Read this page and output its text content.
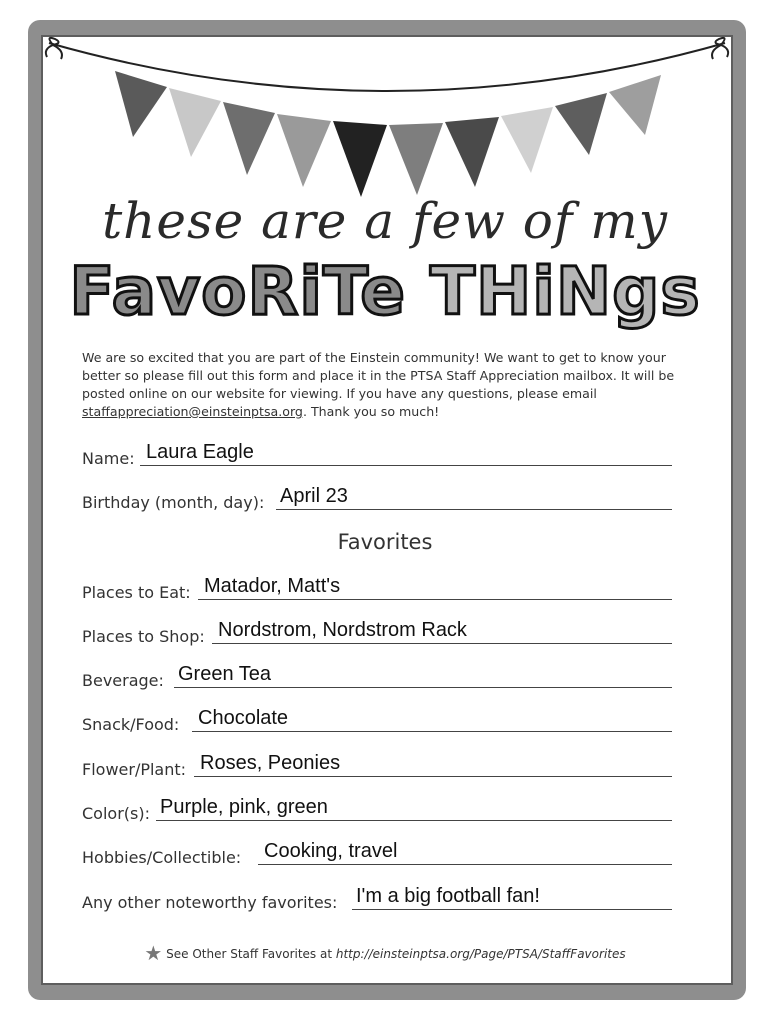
these are a few of my
FavoRiTe THiNgs
We are so excited that you are part of the Einstein community! We want to get to know your better so please fill out this form and place it in the PTSA Staff Appreciation mailbox. It will be posted online on our website for viewing. If you have any questions, please email staffappreciation@einsteinptsa.org. Thank you so much!
Name: Laura Eagle
Birthday (month, day): April 23
Favorites
Places to Eat: Matador, Matt's
Places to Shop: Nordstrom, Nordstrom Rack
Beverage: Green Tea
Snack/Food: Chocolate
Flower/Plant: Roses, Peonies
Color(s): Purple, pink, green
Hobbies/Collectible: Cooking, travel
Any other noteworthy favorites: I'm a big football fan!
★ See Other Staff Favorites at http://einsteinptsa.org/Page/PTSA/StaffFavorites
